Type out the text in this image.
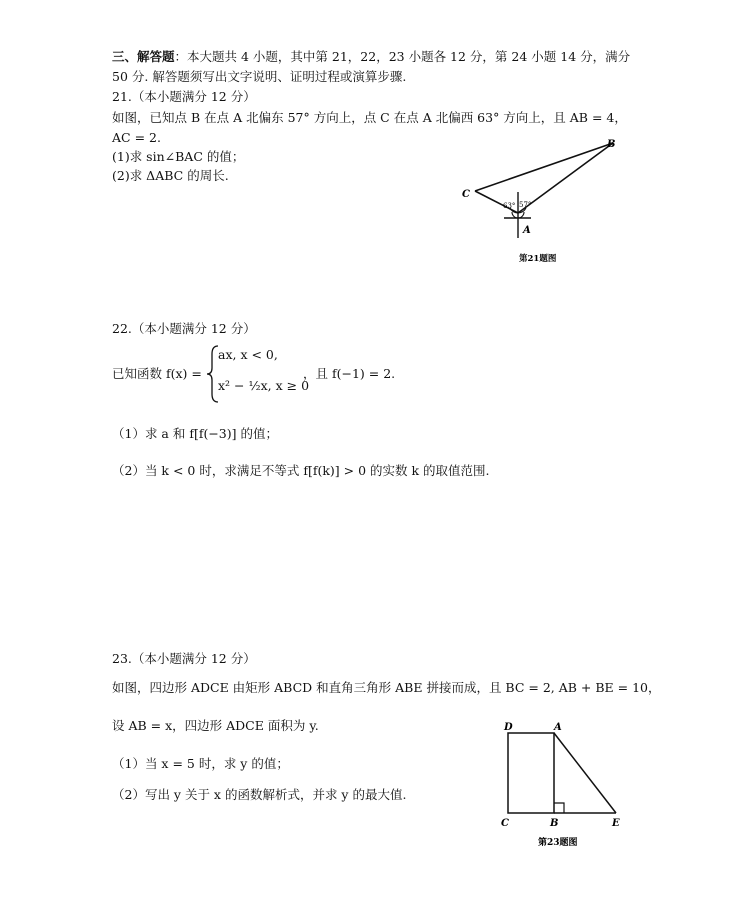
三、解答题：本大题共 4 小题，其中第 21，22，23 小题各 12 分，第 24 小题 14 分，满分
50 分. 解答题须写出文字说明、证明过程或演算步骤.
21.（本小题满分 12 分）
如图，已知点 B 在点 A 北偏东 57° 方向上，点 C 在点 A 北偏西 63° 方向上，且 AB = 4，
AC = 2.
(1)求 sin∠BAC 的值；
(2)求 ΔABC 的周长.
B
C
A
63° 57°
第21题图
22.（本小题满分 12 分）
已知函数 f(x) =
ax, x < 0,
x² − ½x, x ≥ 0
，且 f(−1) = 2.
（1）求 a 和 f[f(−3)] 的值；
（2）当 k < 0 时，求满足不等式 f[f(k)] > 0 的实数 k 的取值范围.
23.（本小题满分 12 分）
如图，四边形 ADCE 由矩形 ABCD 和直角三角形 ABE 拼接而成，且 BC = 2, AB + BE = 10，
设 AB = x，四边形 ADCE 面积为 y.
（1）当 x = 5 时，求 y 的值；
（2）写出 y 关于 x 的函数解析式，并求 y 的最大值.
D	A
C	B	E
第23题图
